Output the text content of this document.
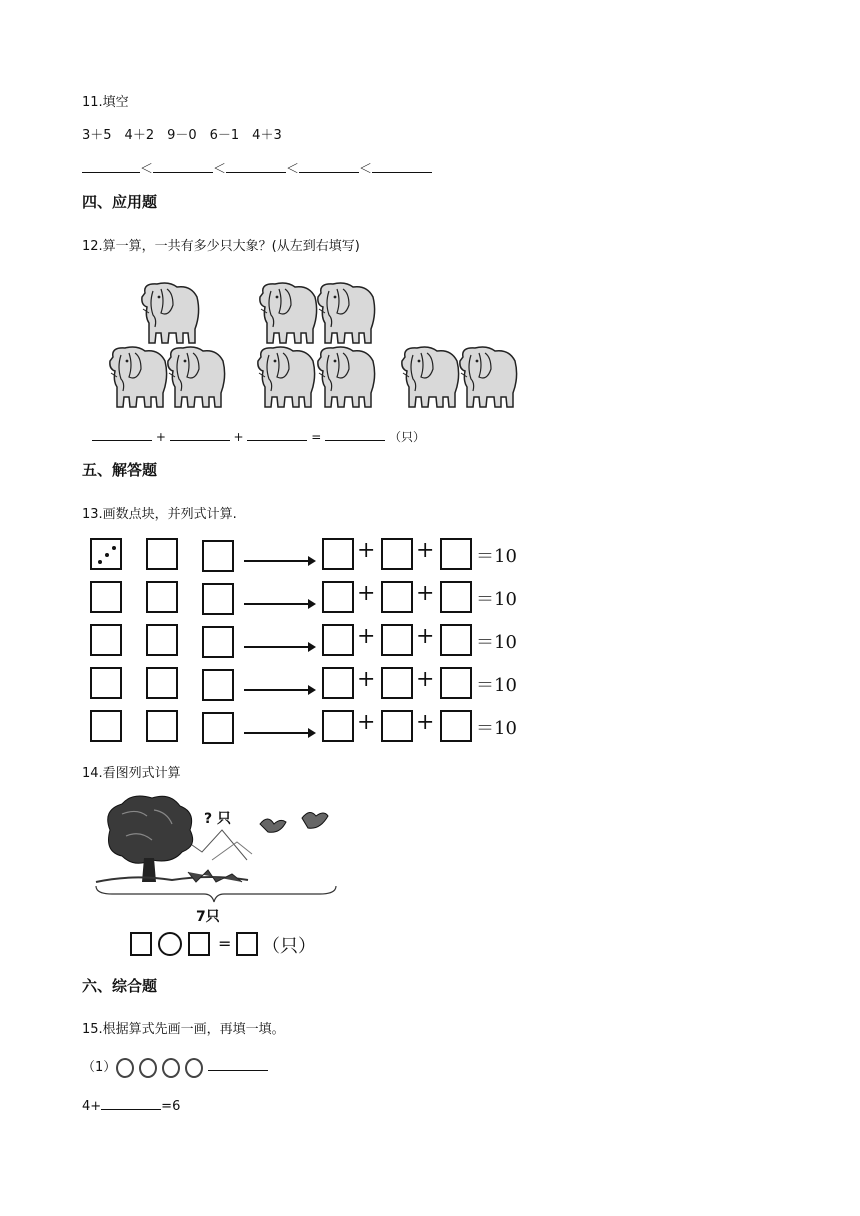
11.填空
3＋5　4＋2　9－0　6－1　4＋3
＜	＜	＜	＜
四、应用题
12.算一算，一共有多少只大象？(从左到右填写)
+	+	=	（只）
五、解答题
13.画数点块，并列式计算.
+ + ＝10
+ + ＝10
+ + ＝10
+ + ＝10
+ + ＝10
14.看图列式计算
? 只
7只
= （只）
六、综合题
15.根据算式先画一画，再填一填。
（1）
4+	=6
